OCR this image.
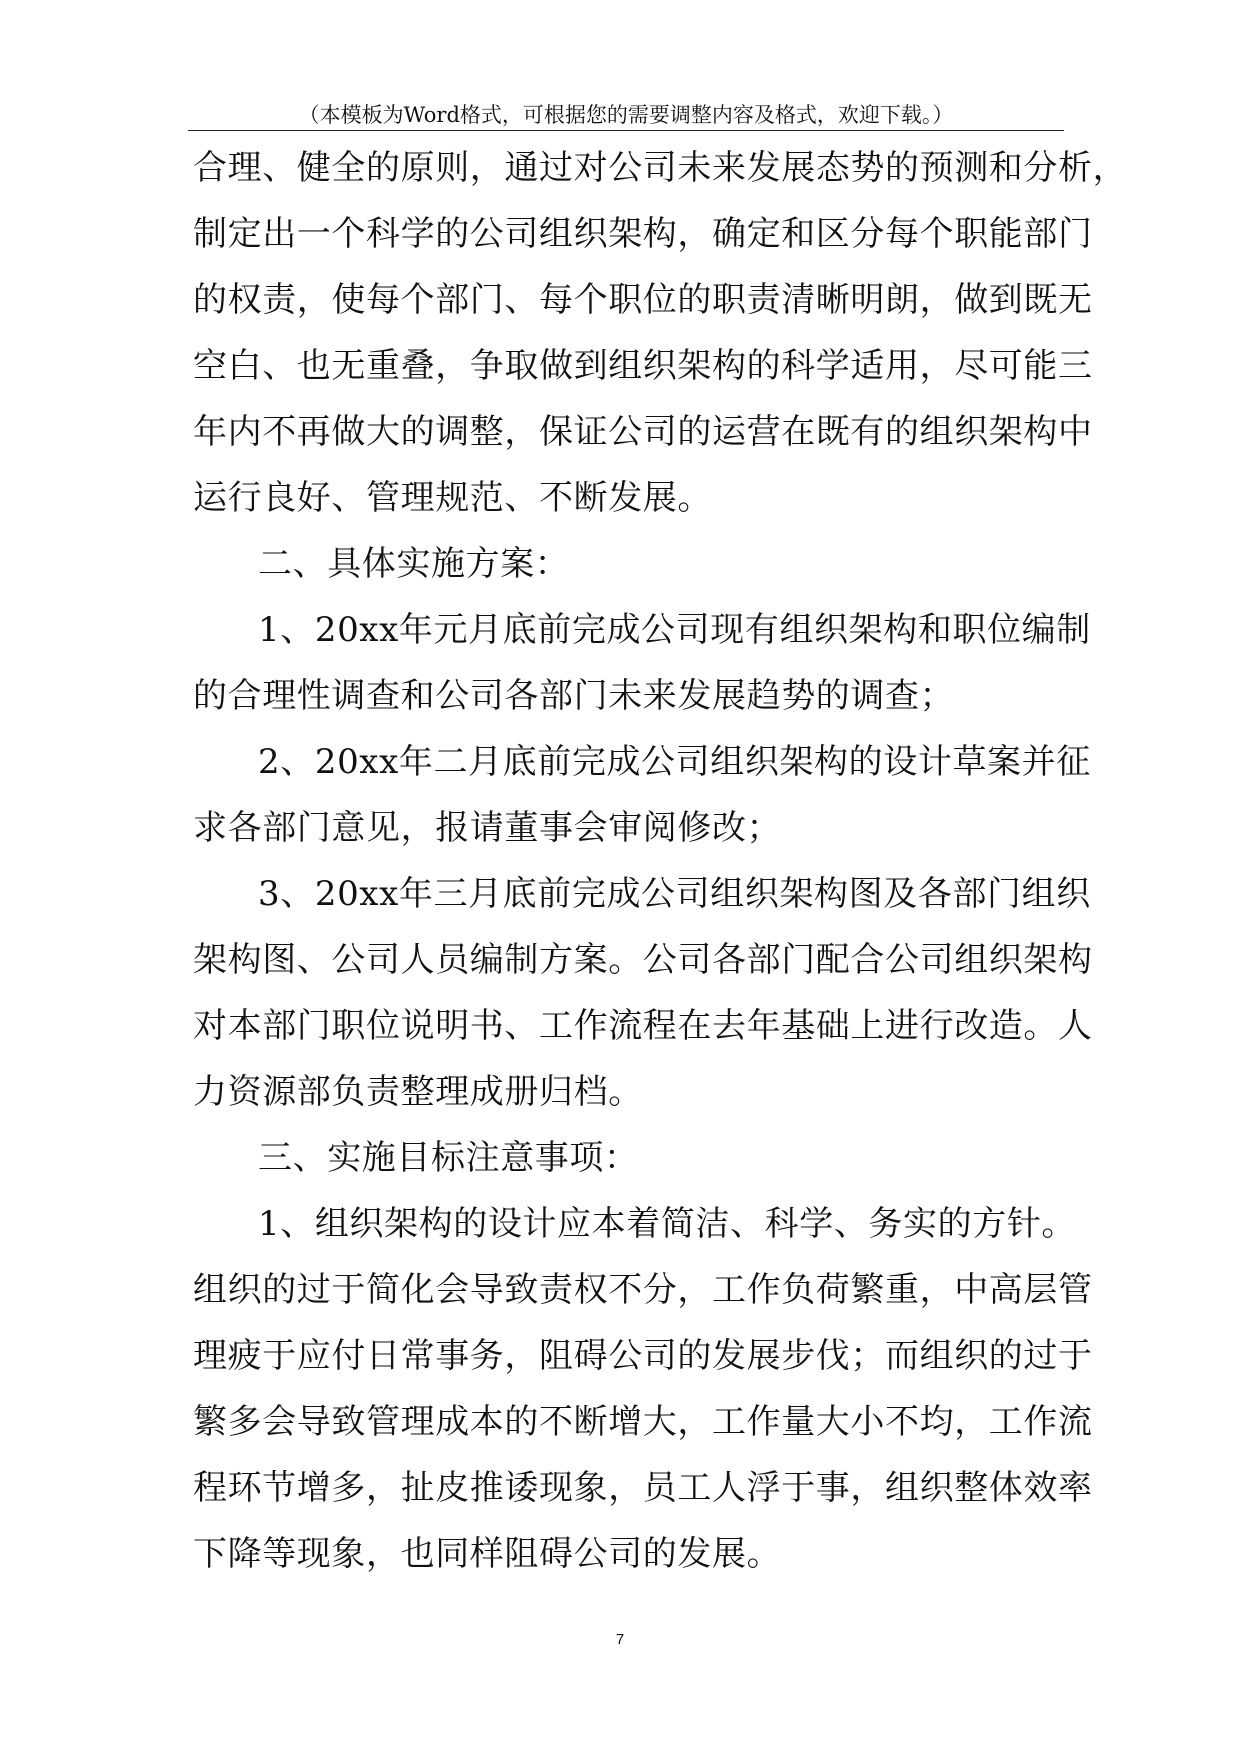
（本模板为Word格式，可根据您的需要调整内容及格式，欢迎下载。）
合理、健全的原则，通过对公司未来发展态势的预测和分析，
制定出一个科学的公司组织架构，确定和区分每个职能部门
的权责，使每个部门、每个职位的职责清晰明朗，做到既无
空白、也无重叠，争取做到组织架构的科学适用，尽可能三
年内不再做大的调整，保证公司的运营在既有的组织架构中
运行良好、管理规范、不断发展。
二、具体实施方案：
1、20xx年元月底前完成公司现有组织架构和职位编制
的合理性调查和公司各部门未来发展趋势的调查；
2、20xx年二月底前完成公司组织架构的设计草案并征
求各部门意见，报请董事会审阅修改；
3、20xx年三月底前完成公司组织架构图及各部门组织
架构图、公司人员编制方案。公司各部门配合公司组织架构
对本部门职位说明书、工作流程在去年基础上进行改造。人
力资源部负责整理成册归档。
三、实施目标注意事项：
1、组织架构的设计应本着简洁、科学、务实的方针。
组织的过于简化会导致责权不分，工作负荷繁重，中高层管
理疲于应付日常事务，阻碍公司的发展步伐；而组织的过于
繁多会导致管理成本的不断增大，工作量大小不均，工作流
程环节增多，扯皮推诿现象，员工人浮于事，组织整体效率
下降等现象，也同样阻碍公司的发展。
7
